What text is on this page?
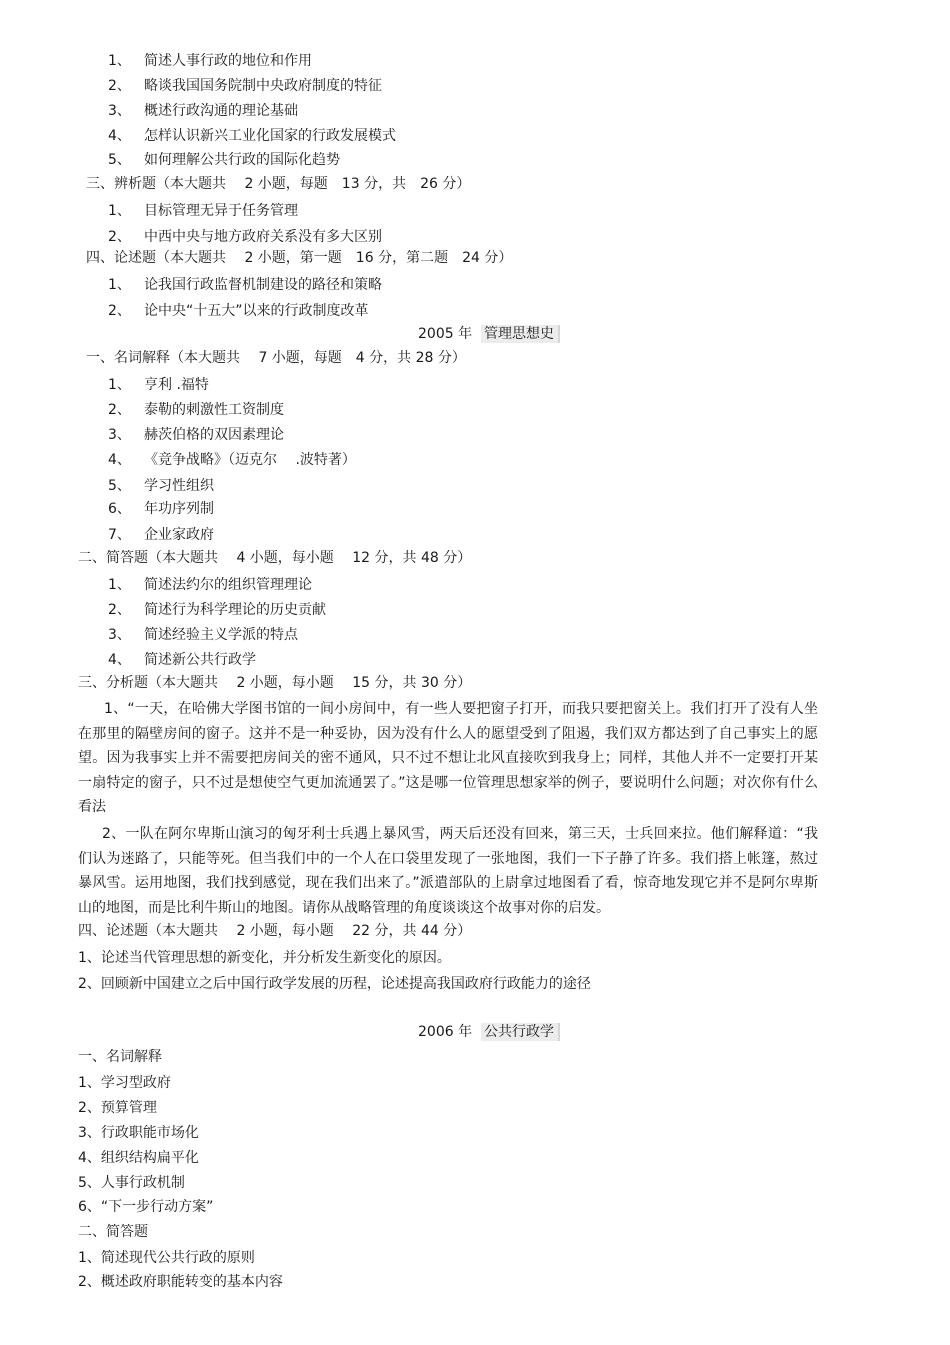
1、 简述人事行政的地位和作用
2、 略谈我国国务院制中央政府制度的特征
3、 概述行政沟通的理论基础
4、 怎样认识新兴工业化国家的行政发展模式
5、 如何理解公共行政的国际化趋势
三、辨析题（本大题共　 2 小题，每题　13 分，共　26 分）
1、 目标管理无异于任务管理
2、 中西中央与地方政府关系没有多大区别
四、论述题（本大题共　 2 小题，第一题　16 分，第二题　24 分）
1、 论我国行政监督机制建设的路径和策略
2、 论中央“十五大”以来的行政制度改革
2005 年 管理思想史
一、名词解释（本大题共　 7 小题，每题　4 分，共 28 分）
1、 亨利 .福特
2、 泰勒的刺激性工资制度
3、 赫茨伯格的双因素理论
4、 《竞争战略》（迈克尔　 .波特著）
5、 学习性组织
6、 年功序列制
7、 企业家政府
二、简答题（本大题共　 4 小题，每小题　 12 分，共 48 分）
1、 简述法约尔的组织管理理论
2、 简述行为科学理论的历史贡献
3、 简述经验主义学派的特点
4、 简述新公共行政学
三、分析题（本大题共　 2 小题，每小题　 15 分，共 30 分）
1、“一天，在哈佛大学图书馆的一间小房间中，有一些人要把窗子打开，而我只要把窗关上。我们打开了没有人坐在那里的隔壁房间的窗子。这并不是一种妥协，因为没有什么人的愿望受到了阻遏，我们双方都达到了自己事实上的愿望。因为我事实上并不需要把房间关的密不通风，只不过不想让北风直接吹到我身上；同样，其他人并不一定要打开某一扇特定的窗子，只不过是想使空气更加流通罢了。”这是哪一位管理思想家举的例子，要说明什么问题；对次你有什么看法
2、一队在阿尔卑斯山演习的匈牙利士兵遇上暴风雪，两天后还没有回来，第三天，士兵回来拉。他们解释道：“我们认为迷路了，只能等死。但当我们中的一个人在口袋里发现了一张地图，我们一下子静了许多。我们搭上帐篷，熬过暴风雪。运用地图，我们找到感觉，现在我们出来了。”派遣部队的上尉拿过地图看了看，惊奇地发现它并不是阿尔卑斯山的地图，而是比利牛斯山的地图。请你从战略管理的角度谈谈这个故事对你的启发。
四、论述题（本大题共　 2 小题，每小题　 22 分，共 44 分）
1、论述当代管理思想的新变化，并分析发生新变化的原因。
2、回顾新中国建立之后中国行政学发展的历程，论述提高我国政府行政能力的途径
2006 年 公共行政学
一、名词解释
1、学习型政府
2、预算管理
3、行政职能市场化
4、组织结构扁平化
5、人事行政机制
6、“下一步行动方案”
二、简答题
1、简述现代公共行政的原则
2、概述政府职能转变的基本内容
